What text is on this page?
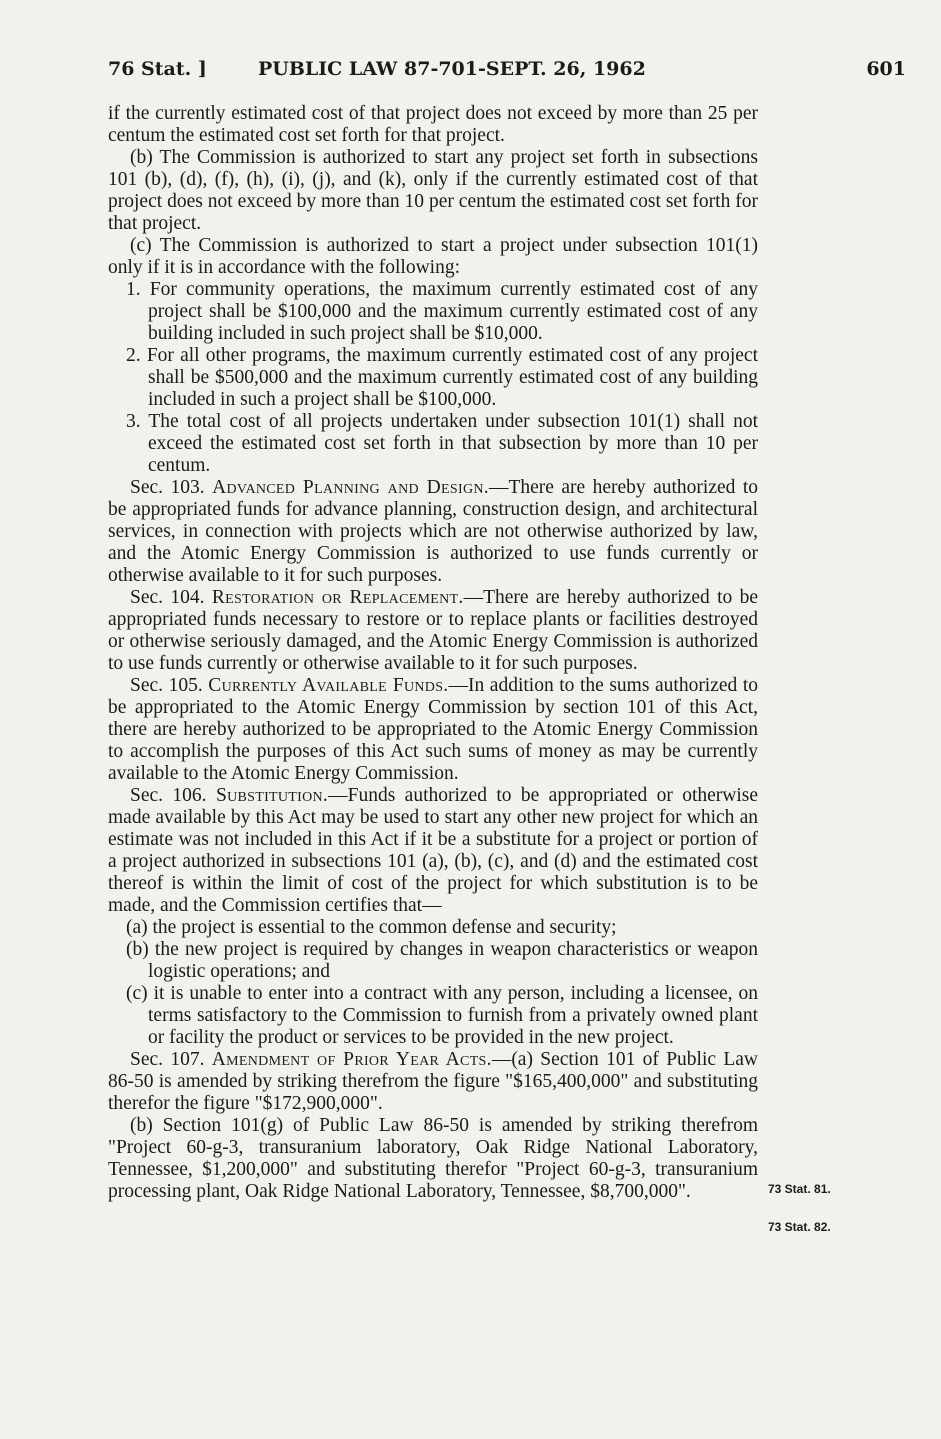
76 Stat. ]	PUBLIC LAW 87-701-SEPT. 26, 1962	601

if the currently estimated cost of that project does not exceed by more than 25 per centum the estimated cost set forth for that project.

(b) The Commission is authorized to start any project set forth in subsections 101 (b), (d), (f), (h), (i), (j), and (k), only if the currently estimated cost of that project does not exceed by more than 10 per centum the estimated cost set forth for that project.

(c) The Commission is authorized to start a project under subsection 101(1) only if it is in accordance with the following:

1. For community operations, the maximum currently estimated cost of any project shall be $100,000 and the maximum currently estimated cost of any building included in such project shall be $10,000.

2. For all other programs, the maximum currently estimated cost of any project shall be $500,000 and the maximum currently estimated cost of any building included in such a project shall be $100,000.

3. The total cost of all projects undertaken under subsection 101(1) shall not exceed the estimated cost set forth in that subsection by more than 10 per centum.

Sec. 103. Advanced Planning and Design.—There are hereby authorized to be appropriated funds for advance planning, construction design, and architectural services, in connection with projects which are not otherwise authorized by law, and the Atomic Energy Commission is authorized to use funds currently or otherwise available to it for such purposes.

Sec. 104. Restoration or Replacement.—There are hereby authorized to be appropriated funds necessary to restore or to replace plants or facilities destroyed or otherwise seriously damaged, and the Atomic Energy Commission is authorized to use funds currently or otherwise available to it for such purposes.

Sec. 105. Currently Available Funds.—In addition to the sums authorized to be appropriated to the Atomic Energy Commission by section 101 of this Act, there are hereby authorized to be appropriated to the Atomic Energy Commission to accomplish the purposes of this Act such sums of money as may be currently available to the Atomic Energy Commission.

Sec. 106. Substitution.—Funds authorized to be appropriated or otherwise made available by this Act may be used to start any other new project for which an estimate was not included in this Act if it be a substitute for a project or portion of a project authorized in subsections 101 (a), (b), (c), and (d) and the estimated cost thereof is within the limit of cost of the project for which substitution is to be made, and the Commission certifies that—

(a) the project is essential to the common defense and security;

(b) the new project is required by changes in weapon characteristics or weapon logistic operations; and

(c) it is unable to enter into a contract with any person, including a licensee, on terms satisfactory to the Commission to furnish from a privately owned plant or facility the product or services to be provided in the new project.

Sec. 107. Amendment of Prior Year Acts.—(a) Section 101 of Public Law 86-50 is amended by striking therefrom the figure "$165,400,000" and substituting therefor the figure "$172,900,000".

(b) Section 101(g) of Public Law 86-50 is amended by striking therefrom "Project 60-g-3, transuranium laboratory, Oak Ridge National Laboratory, Tennessee, $1,200,000" and substituting therefor "Project 60-g-3, transuranium processing plant, Oak Ridge National Laboratory, Tennessee, $8,700,000".	73 Stat. 81.
73 Stat. 82.
